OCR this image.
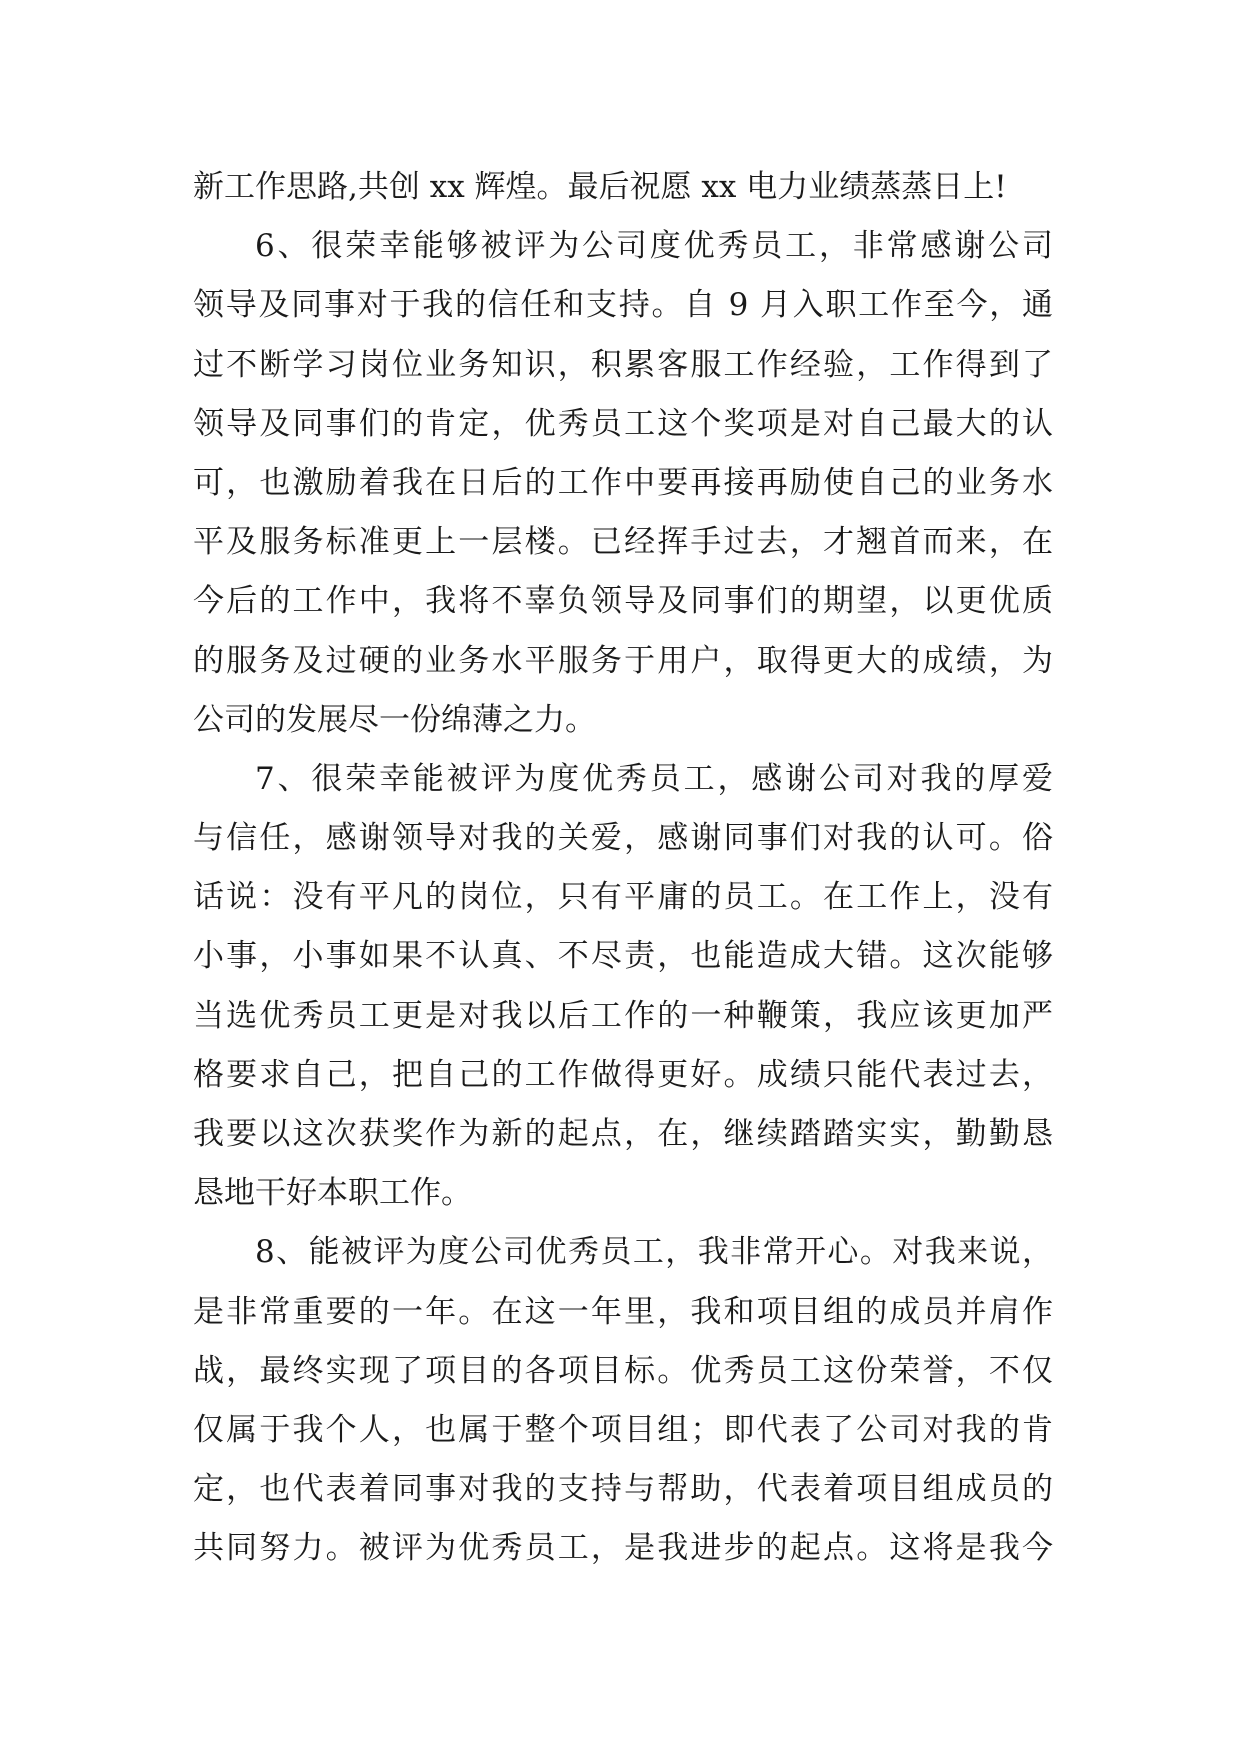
新工作思路,共创 xx 辉煌。最后祝愿 xx 电力业绩蒸蒸日上!
6、很荣幸能够被评为公司度优秀员工，非常感谢公司
领导及同事对于我的信任和支持。自 9 月入职工作至今，通
过不断学习岗位业务知识，积累客服工作经验，工作得到了
领导及同事们的肯定，优秀员工这个奖项是对自己最大的认
可，也激励着我在日后的工作中要再接再励使自己的业务水
平及服务标准更上一层楼。已经挥手过去，才翘首而来，在
今后的工作中，我将不辜负领导及同事们的期望，以更优质
的服务及过硬的业务水平服务于用户，取得更大的成绩，为
公司的发展尽一份绵薄之力。
7、很荣幸能被评为度优秀员工，感谢公司对我的厚爱
与信任，感谢领导对我的关爱，感谢同事们对我的认可。俗
话说：没有平凡的岗位，只有平庸的员工。在工作上，没有
小事，小事如果不认真、不尽责，也能造成大错。这次能够
当选优秀员工更是对我以后工作的一种鞭策，我应该更加严
格要求自己，把自己的工作做得更好。成绩只能代表过去，
我要以这次获奖作为新的起点，在，继续踏踏实实，勤勤恳
恳地干好本职工作。
8、能被评为度公司优秀员工，我非常开心。对我来说，
是非常重要的一年。在这一年里，我和项目组的成员并肩作
战，最终实现了项目的各项目标。优秀员工这份荣誉，不仅
仅属于我个人，也属于整个项目组；即代表了公司对我的肯
定，也代表着同事对我的支持与帮助，代表着项目组成员的
共同努力。被评为优秀员工，是我进步的起点。这将是我今
